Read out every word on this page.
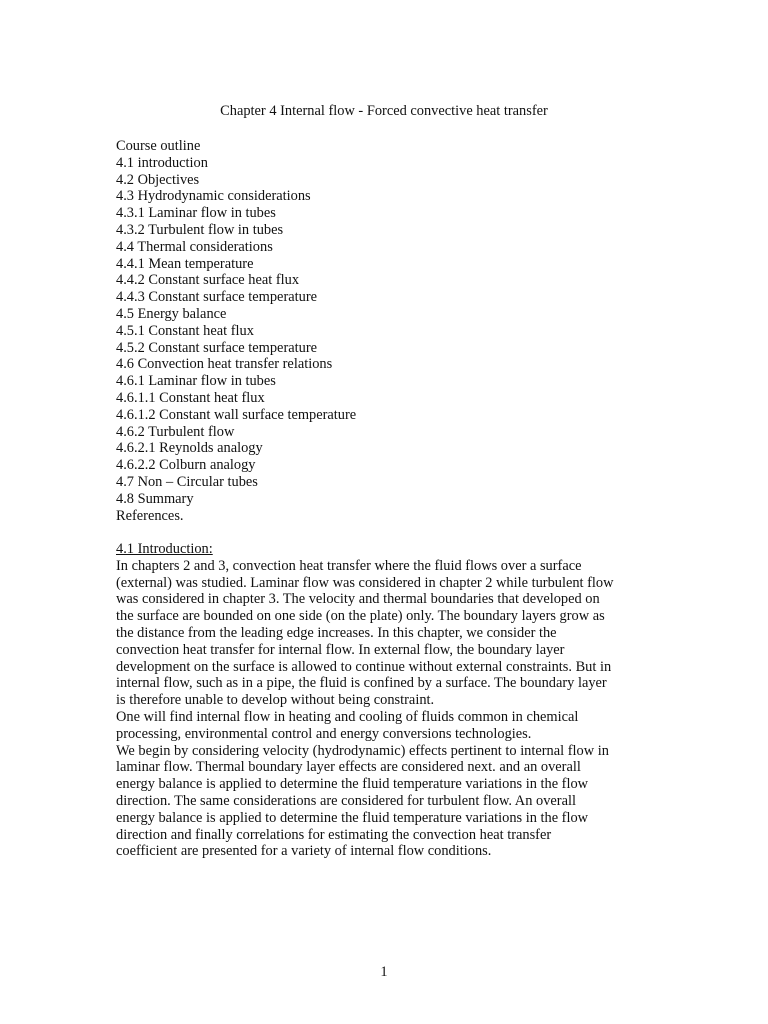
Chapter 4 Internal flow - Forced convective heat transfer
Course outline
4.1 introduction
4.2 Objectives
4.3 Hydrodynamic considerations
4.3.1 Laminar flow in tubes
4.3.2 Turbulent flow in tubes
4.4 Thermal considerations
4.4.1 Mean temperature
4.4.2 Constant surface heat flux
4.4.3 Constant surface temperature
4.5 Energy balance
4.5.1 Constant heat flux
4.5.2 Constant surface temperature
4.6 Convection heat transfer relations
4.6.1 Laminar flow in tubes
4.6.1.1 Constant heat flux
4.6.1.2 Constant wall surface temperature
4.6.2 Turbulent flow
4.6.2.1 Reynolds analogy
4.6.2.2 Colburn analogy
4.7 Non – Circular tubes
4.8 Summary
References.
4.1 Introduction:
In chapters 2 and 3, convection heat transfer where the fluid flows over a surface
(external) was studied. Laminar flow was considered in chapter 2 while turbulent flow
was considered in chapter 3. The velocity and thermal boundaries that developed on
the surface are bounded on one side (on the plate) only. The boundary layers grow as
the distance from the leading edge increases. In this chapter, we consider the
convection heat transfer for internal flow. In external flow, the boundary layer
development on the surface is allowed to continue without external constraints. But in
internal flow, such as in a pipe, the fluid is confined by a surface. The boundary layer
is therefore unable to develop without being constraint.
One will find internal flow in heating and cooling of fluids common in chemical
processing, environmental control and energy conversions technologies.
We begin by considering velocity (hydrodynamic) effects pertinent to internal flow in
laminar flow. Thermal boundary layer effects are considered next. and an overall
energy balance is applied to determine the fluid temperature variations in the flow
direction. The same considerations are considered for turbulent flow. An overall
energy balance is applied to determine the fluid temperature variations in the flow
direction and finally correlations for estimating the convection heat transfer
coefficient are presented for a variety of internal flow conditions.
1
